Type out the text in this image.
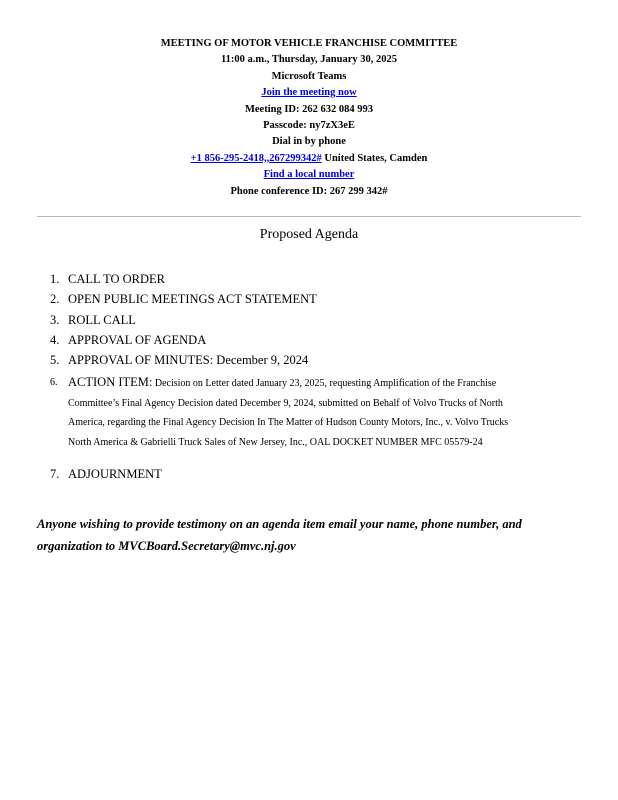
MEETING OF MOTOR VEHICLE FRANCHISE COMMITTEE
11:00 a.m., Thursday, January 30, 2025
Microsoft Teams
Join the meeting now
Meeting ID: 262 632 084 993
Passcode: ny7zX3eE
Dial in by phone
+1 856-295-2418,,267299342# United States, Camden
Find a local number
Phone conference ID: 267 299 342#
Proposed Agenda
1. CALL TO ORDER
2. OPEN PUBLIC MEETINGS ACT STATEMENT
3. ROLL CALL
4. APPROVAL OF AGENDA
5. APPROVAL OF MINUTES: December 9, 2024
6. ACTION ITEM: Decision on Letter dated January 23, 2025, requesting Amplification of the Franchise
Committee’s Final Agency Decision dated December 9, 2024, submitted on Behalf of Volvo Trucks of North
America, regarding the Final Agency Decision In The Matter of Hudson County Motors, Inc., v. Volvo Trucks
North America & Gabrielli Truck Sales of New Jersey, Inc., OAL DOCKET NUMBER MFC 05579-24
7. ADJOURNMENT
Anyone wishing to provide testimony on an agenda item email your name, phone number, and
organization to MVCBoard.Secretary@mvc.nj.gov
